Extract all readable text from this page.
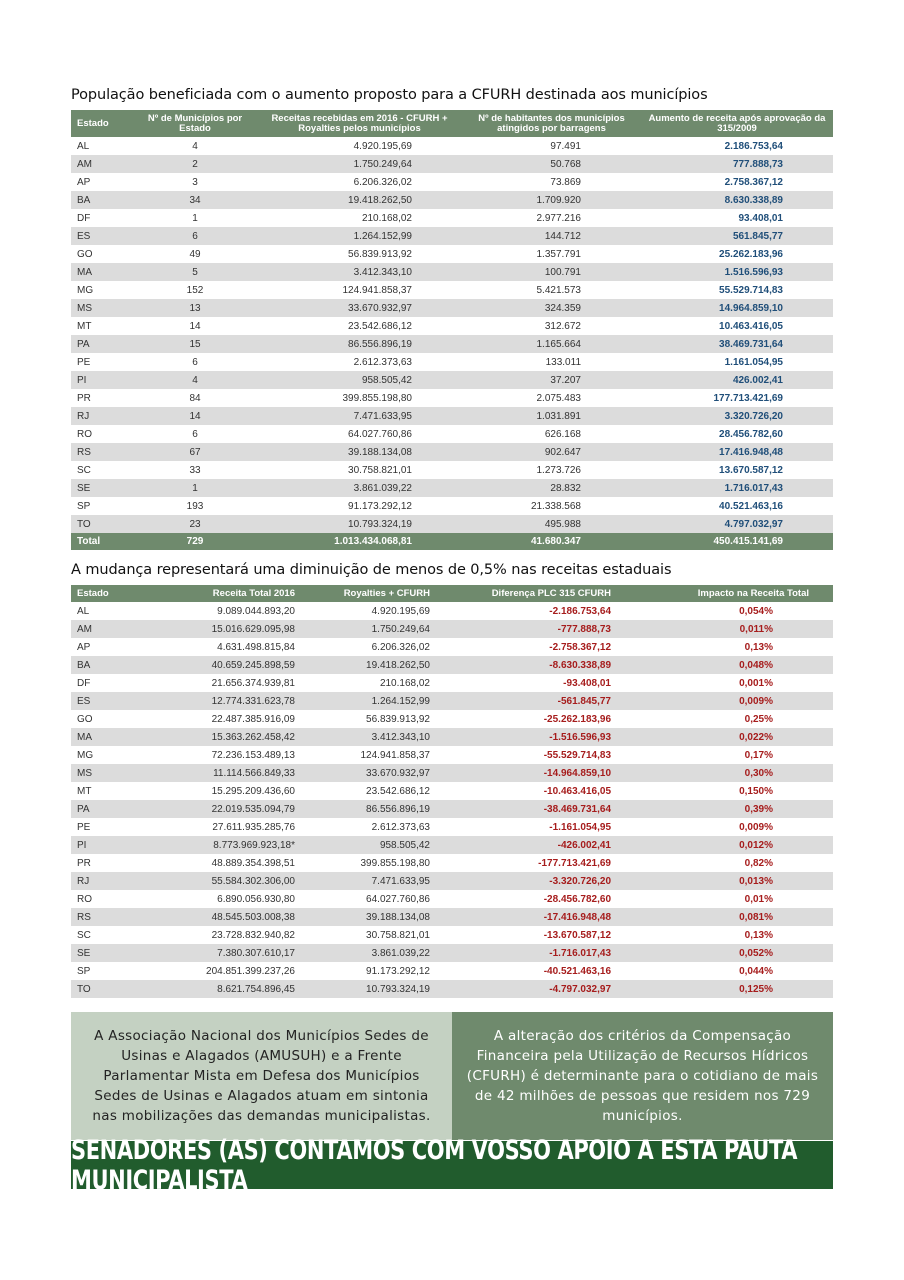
População beneficiada com o aumento proposto para a CFURH destinada aos municípios
Estado	Nº de Municípios por Estado	Receitas recebidas em 2016 - CFURH + Royalties pelos municípios	Nº de habitantes dos municípios atingidos por barragens	Aumento de receita após aprovação da 315/2009
AL	4	4.920.195,69	97.491	2.186.753,64
AM	2	1.750.249,64	50.768	777.888,73
AP	3	6.206.326,02	73.869	2.758.367,12
BA	34	19.418.262,50	1.709.920	8.630.338,89
DF	1	210.168,02	2.977.216	93.408,01
ES	6	1.264.152,99	144.712	561.845,77
GO	49	56.839.913,92	1.357.791	25.262.183,96
MA	5	3.412.343,10	100.791	1.516.596,93
MG	152	124.941.858,37	5.421.573	55.529.714,83
MS	13	33.670.932,97	324.359	14.964.859,10
MT	14	23.542.686,12	312.672	10.463.416,05
PA	15	86.556.896,19	1.165.664	38.469.731,64
PE	6	2.612.373,63	133.011	1.161.054,95
PI	4	958.505,42	37.207	426.002,41
PR	84	399.855.198,80	2.075.483	177.713.421,69
RJ	14	7.471.633,95	1.031.891	3.320.726,20
RO	6	64.027.760,86	626.168	28.456.782,60
RS	67	39.188.134,08	902.647	17.416.948,48
SC	33	30.758.821,01	1.273.726	13.670.587,12
SE	1	3.861.039,22	28.832	1.716.017,43
SP	193	91.173.292,12	21.338.568	40.521.463,16
TO	23	10.793.324,19	495.988	4.797.032,97
Total	729	1.013.434.068,81	41.680.347	450.415.141,69
A mudança representará uma diminuição de menos de 0,5% nas receitas estaduais
Estado	Receita Total 2016	Royalties + CFURH	Diferença PLC 315 CFURH	Impacto na Receita Total
AL	9.089.044.893,20	4.920.195,69	-2.186.753,64	0,054%
AM	15.016.629.095,98	1.750.249,64	-777.888,73	0,011%
AP	4.631.498.815,84	6.206.326,02	-2.758.367,12	0,13%
BA	40.659.245.898,59	19.418.262,50	-8.630.338,89	0,048%
DF	21.656.374.939,81	210.168,02	-93.408,01	0,001%
ES	12.774.331.623,78	1.264.152,99	-561.845,77	0,009%
GO	22.487.385.916,09	56.839.913,92	-25.262.183,96	0,25%
MA	15.363.262.458,42	3.412.343,10	-1.516.596,93	0,022%
MG	72.236.153.489,13	124.941.858,37	-55.529.714,83	0,17%
MS	11.114.566.849,33	33.670.932,97	-14.964.859,10	0,30%
MT	15.295.209.436,60	23.542.686,12	-10.463.416,05	0,150%
PA	22.019.535.094,79	86.556.896,19	-38.469.731,64	0,39%
PE	27.611.935.285,76	2.612.373,63	-1.161.054,95	0,009%
PI	8.773.969.923,18*	958.505,42	-426.002,41	0,012%
PR	48.889.354.398,51	399.855.198,80	-177.713.421,69	0,82%
RJ	55.584.302.306,00	7.471.633,95	-3.320.726,20	0,013%
RO	6.890.056.930,80	64.027.760,86	-28.456.782,60	0,01%
RS	48.545.503.008,38	39.188.134,08	-17.416.948,48	0,081%
SC	23.728.832.940,82	30.758.821,01	-13.670.587,12	0,13%
SE	7.380.307.610,17	3.861.039,22	-1.716.017,43	0,052%
SP	204.851.399.237,26	91.173.292,12	-40.521.463,16	0,044%
TO	8.621.754.896,45	10.793.324,19	-4.797.032,97	0,125%
A Associação Nacional dos Municípios Sedes de Usinas e Alagados (AMUSUH) e a Frente Parlamentar Mista em Defesa dos Municípios Sedes de Usinas e Alagados atuam em sintonia nas mobilizações das demandas municipalistas.
A alteração dos critérios da Compensação Financeira pela Utilização de Recursos Hídricos (CFURH) é determinante para o cotidiano de mais de 42 milhões de pessoas que residem nos 729 municípios.
SENADORES (AS) CONTAMOS COM VOSSO APOIO A ESTA PAUTA MUNICIPALISTA
